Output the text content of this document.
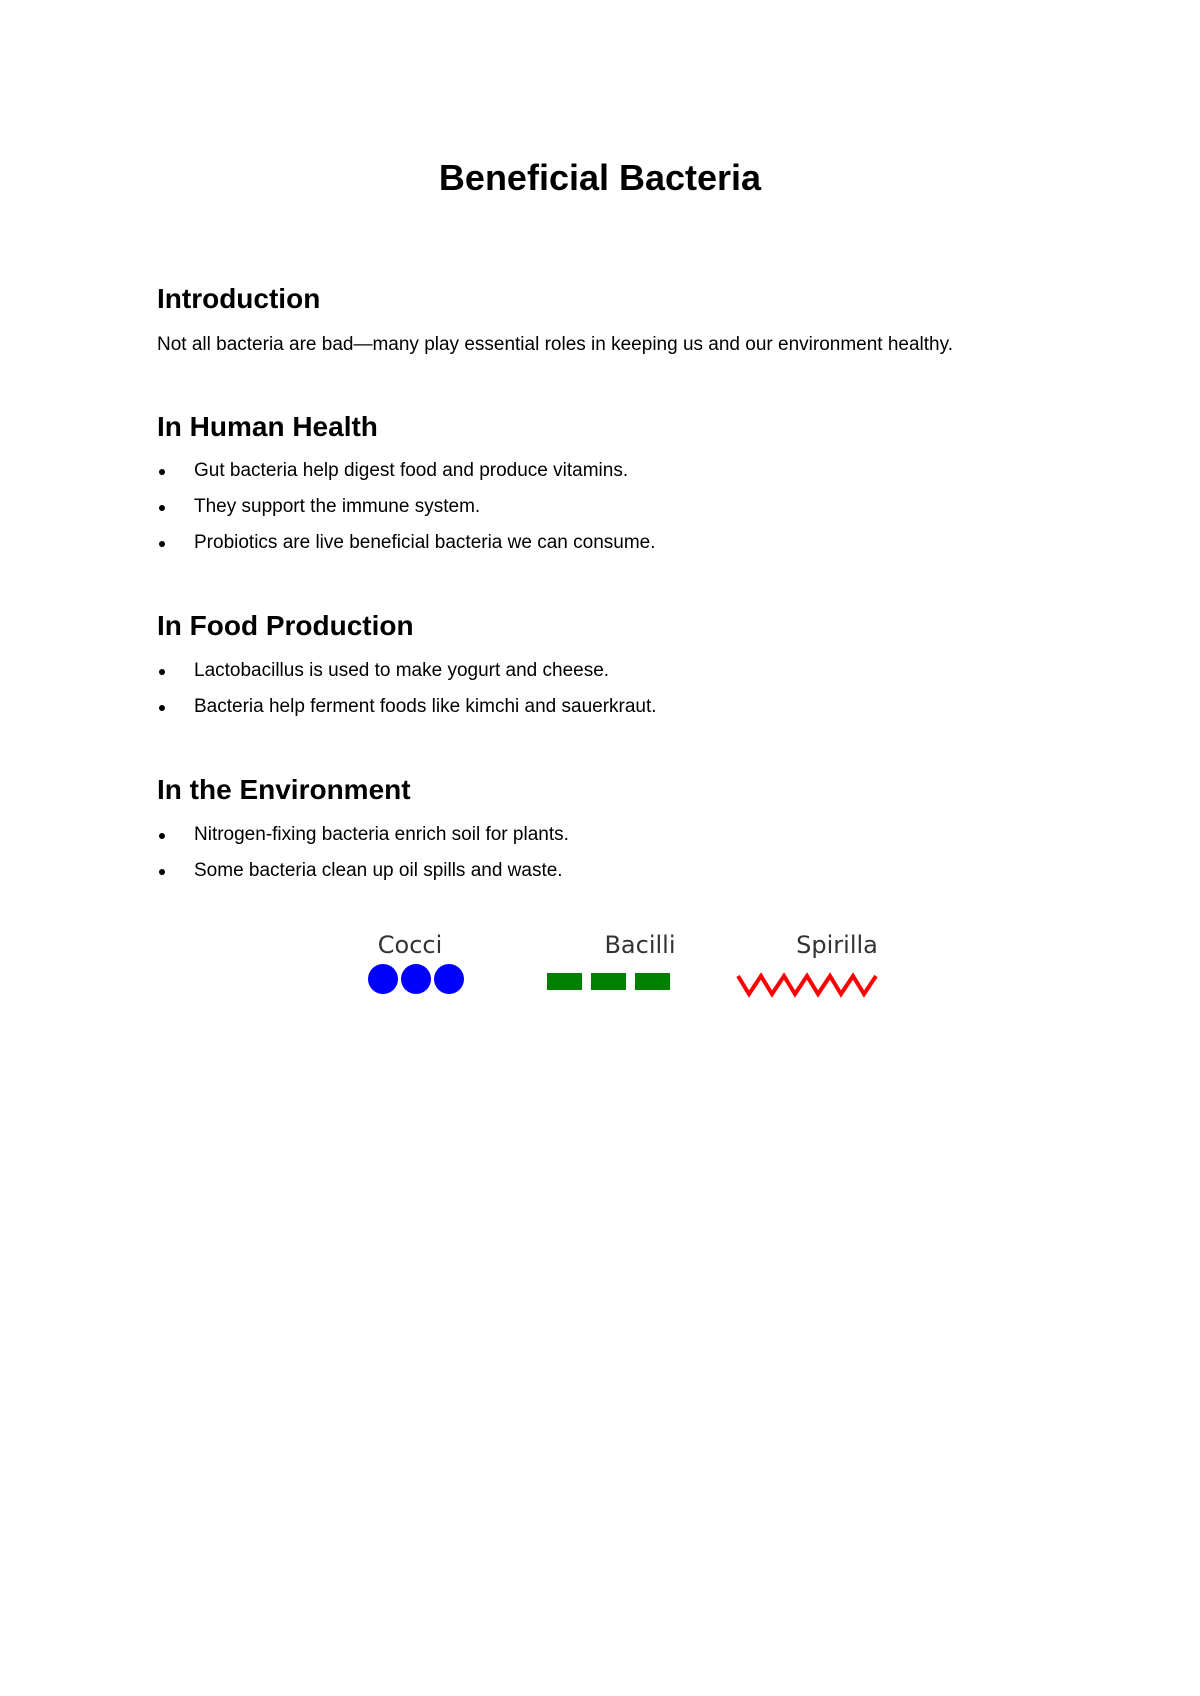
Beneficial Bacteria
Introduction

Not all bacteria are bad—many play essential roles in keeping us and our environment healthy.

In Human Health
Gut bacteria help digest food and produce vitamins.
They support the immune system.
Probiotics are live beneficial bacteria we can consume.
In Food Production
Lactobacillus is used to make yogurt and cheese.
Bacteria help ferment foods like kimchi and sauerkraut.
In the Environment
Nitrogen-fixing bacteria enrich soil for plants.
Some bacteria clean up oil spills and waste.
Cocci	Bacilli	Spirilla
